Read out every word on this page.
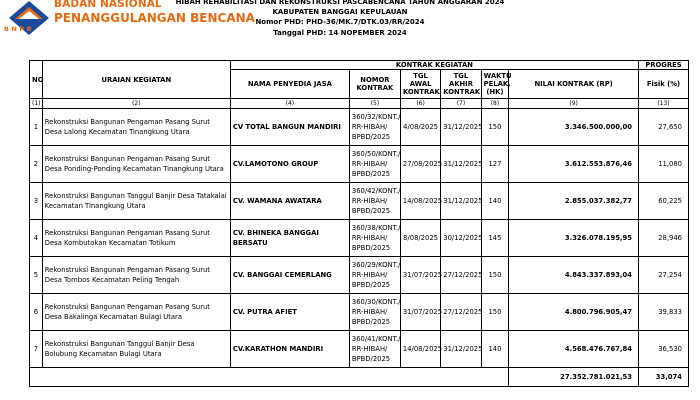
BNPB
BADAN NASIONAL
PENANGGULANGAN BENCANA
HIBAH REHABILITASI DAN REKONSTRUKSI PASCABENCANA TAHUN ANGGARAN 2024
KABUPATEN BANGGAI KEPULAUAN
Nomor PHD: PHD-36/MK.7/DTK.03/RR/2024
Tanggal PHD: 14 NOPEMBER 2024
NO	URAIAN KEGIATAN	KONTRAK KEGIATAN						PROGRES
		NAMA PENYEDIA JASA	NOMOR KONTRAK	TGL AWAL KONTRAK	TGL AKHIR KONTRAK	WAKTU PELAK. (HK)	NILAI KONTRAK (RP)	Fisik (%)
(1)	(2)	(4)	(5)	(6)	(7)	(8)	(9)	(13)
1	Rekonstruksi Bangunan Pengaman Pasang Surut Desa Lalong Kecamatan Tinangkung Utara	CV TOTAL BANGUN MANDIRI	360/32/KONT./ RR-HIBAH/ BPBD/2025	4/08/2025	31/12/2025	150	3.346.500.000,00	27,650
2	Rekonstruksi Bangunan Pengaman Pasang Surut Desa Ponding-Ponding Kecamatan Tinangkung Utara	CV.LAMOTONO GROUP	360/50/KONT./ RR-HIBAH/ BPBD/2025	27/08/2025	31/12/2025	127	3.612.553.876,46	11,080
3	Rekonstruksi Bangunan Tanggul Banjir Desa Tatakalai Kecamatan Tinangkung Utara	CV. WAMANA AWATARA	360/42/KONT./ RR-HIBAH/ BPBD/2025	14/08/2025	31/12/2025	140	2.855.037.382,77	60,225
4	Rekonstruksi Bangunan Pengaman Pasang Surut Desa Kombutokan Kecamatan Totikum	CV. BHINEKA BANGGAI BERSATU	360/38/KONT./ RR-HIBAH/ BPBD/2025	8/08/2025	30/12/2025	145	3.326.078.195,95	28,946
5	Rekonstruksi Bangunan Pengaman Pasang Surut Desa Tombos Kecamatan Peling Tengah	CV. BANGGAI CEMERLANG	360/29/KONT./ RR-HIBAH/ BPBD/2025	31/07/2025	27/12/2025	150	4.843.337.893,04	27,254
6	Rekonstruksi Bangunan Pengaman Pasang Surut Desa Bakalinga Kecamatan Bulagi Utara	CV. PUTRA AFIET	360/30/KONT./ RR-HIBAH/ BPBD/2025	31/07/2025	27/12/2025	150	4.800.796.905,47	39,833
7	Rekonstruksi Bangunan Tanggul Banjir Desa Bolubung Kecamatan Bulagi Utara	CV.KARATHON MANDIRI	360/41/KONT./ RR-HIBAH/ BPBD/2025	14/08/2025	31/12/2025	140	4.568.476.767,84	36,530
							27.352.781.021,53	33,074
